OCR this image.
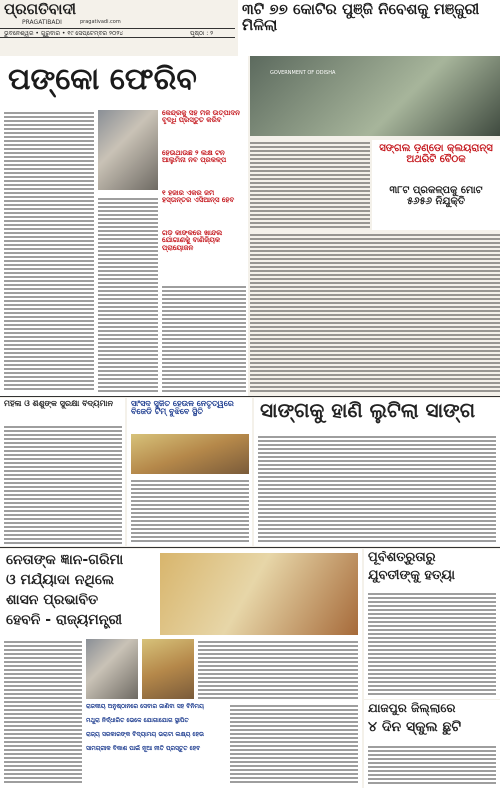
ପ୍ରଗତିବାଦୀ
PRAGATIBADI	pragativadi.com
ଭୁବନେଶ୍ୱର • ଗୁରୁବାର • ୧୯ ସେପ୍ଟେମ୍ବର ୨୦୨୪	ପୃଷ୍ଠା : ୨
୩ଟି ୭୭ କୋଟିର ପୁଞ୍ଜି ନିବେଶକୁ ମଞ୍ଜୁରୀ ମିଳିଲା
ପଙ୍କୋ ଫେରିବ
କେନ୍ଦ୍ରକୁ ସହ ମିଳି ଉତ୍ପାଦନ ବୃଦ୍ଧି ପ୍ରସ୍ତୁତ କରିବ
ହେଉଥାଉଛି ୨ ଲକ୍ଷ ଟନ ଆଲୁମିନା ନବ ପ୍ରକଳ୍ପ
୧ ହଜାର ଏକର ଜମି ହସ୍ତାନ୍ତର ଏସିଆନ୍ସ ହେବ
ଗଡ଼ି କାଙ୍କରେ ଖାନ୍ଦଲ ଯୋଗାଣକୁ ବାଣିଜ୍ୟିକ ପ୍ରାୟୋଜନ
GOVERNMENT OF ODISHA
ସିଙ୍ଗଲ ଡ଼ିଣ୍ଡୋ କ୍ଲିୟରାନ୍ସ ଅଥରିଟି ବୈଠକ
୩୮ଟି ପ୍ରକଳ୍ପକୁ ମୋଟ ୫୬୫୬ ନିଯୁକ୍ତି
ମହିଳା ଓ ଶିଶୁଙ୍କ ସୁରକ୍ଷା ବିଦ୍ୟମାନ	ସାଂସଦ ସୁଜିତ ହେଉଳ ନେତୃତ୍ୱରେ ବିଜେଡି ଟିମ୍ ବୁଝିବେ ସ୍ଥିତି	ସାଙ୍ଗକୁ ହାଣି ଲୁଟିଲା ସାଙ୍ଗ
ନେତାଙ୍କ ଜ୍ଞାନ-ଗରିମା
ଓ ମର୍ଯ୍ୟାଦା ନଥିଲେ
ଶାସନ ପ୍ରଭାବିତ
ହେବନି - ରାଜ୍ୟମନ୍ତ୍ରୀ
ରାଜକୀୟ ଅନୁଷ୍ଠାନରେ ସେବାର ଜାଣିବା ସହ ବିନିମୟ
ମଥୁରା ନିର୍ଦ୍ଧାରିତ ଭେଳେ ଯୋଗାଯୋଗ ସ୍ଥାପିତ
ରାଜ୍ୟ ସରକାରଙ୍କ ବିଦ୍ୟାମୟ ଭରାଟା ଲକ୍ଷ୍ୟ ହେଉ
ସାମଗ୍ରୀକ ବିକାଶ ପାଇଁ ନୂଆ ନୀତି ପ୍ରସ୍ତୁତ ହେବ
ପୂର୍ବଶତ୍ରୁତାରୁ
ଯୁବତୀଙ୍କୁ ହତ୍ୟା
ଯାଜପୁର ଜିଲ୍ଲାରେ
୪ ଦିନ ସ୍କୁଲ ଛୁଟି
